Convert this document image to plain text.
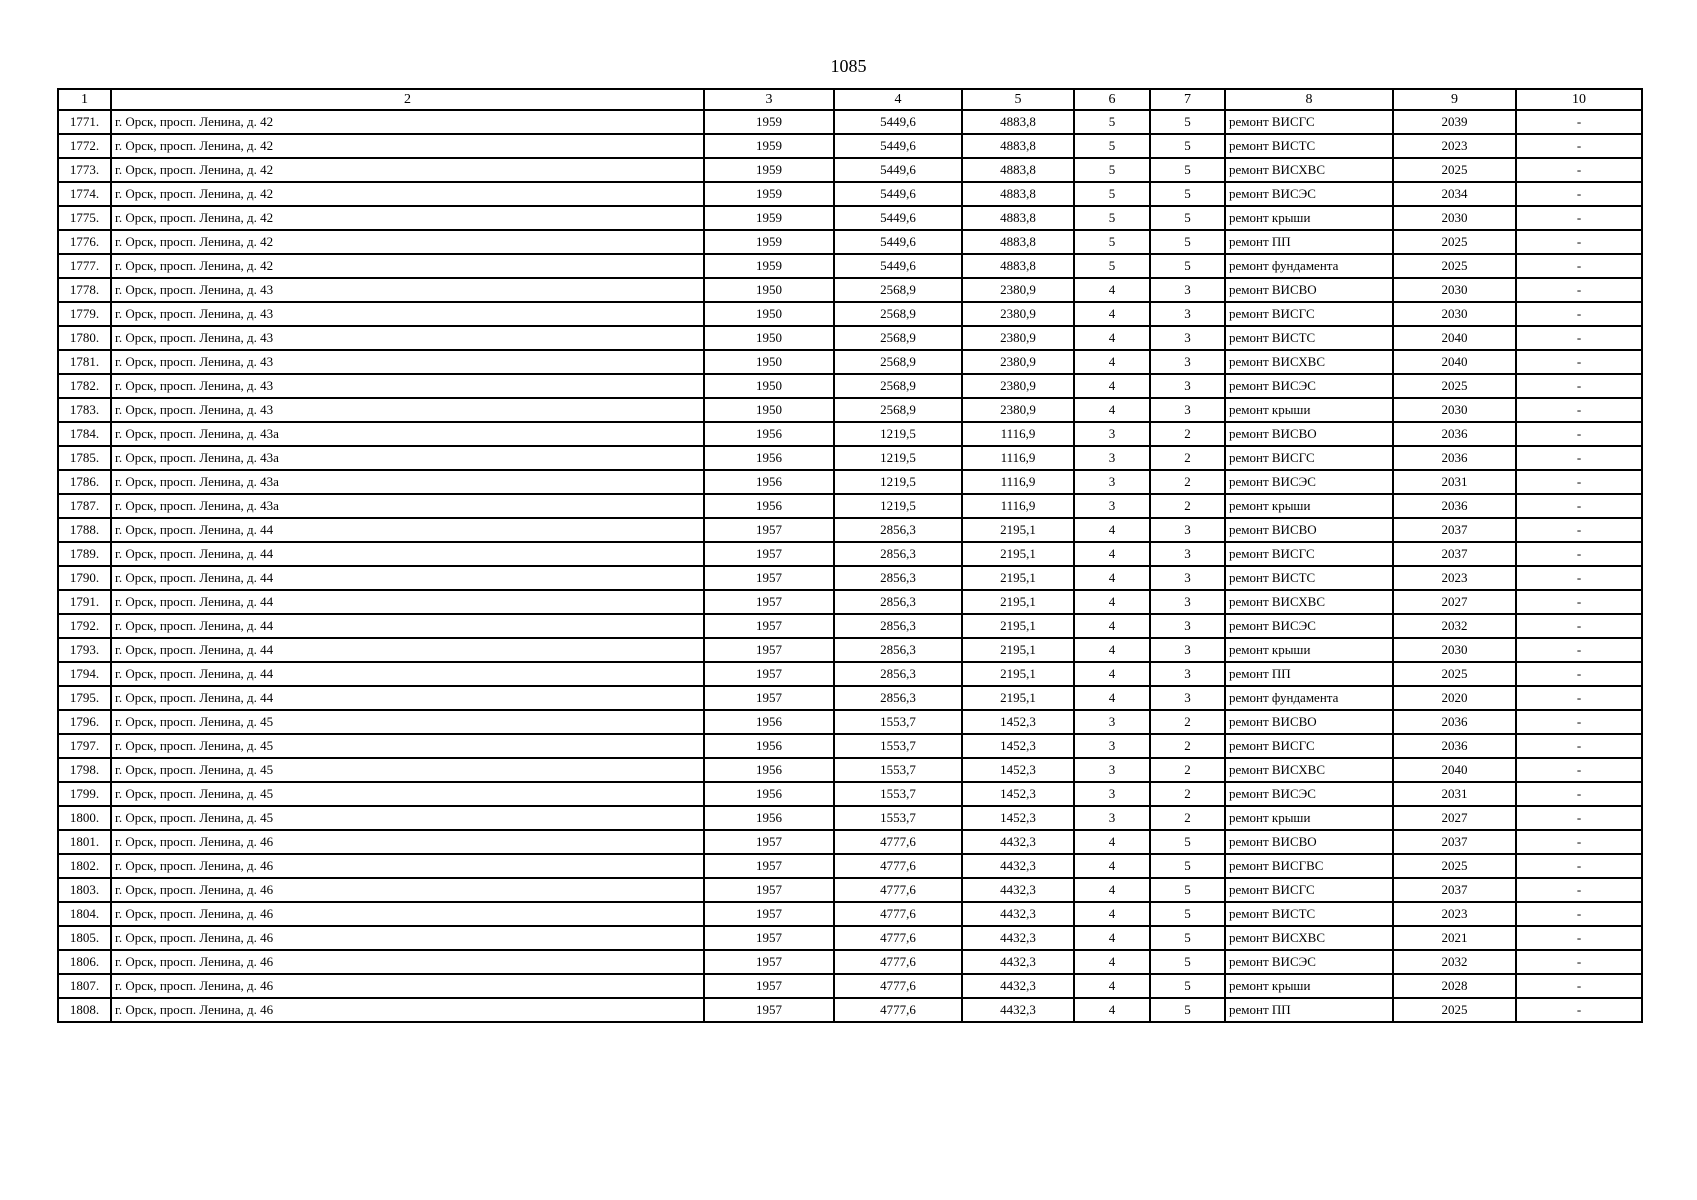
1085
1	2	3	4	5	6	7	8	9	10
1771.	г. Орск, просп. Ленина, д. 42	1959	5449,6	4883,8	5	5	ремонт ВИСГС	2039	-
1772.	г. Орск, просп. Ленина, д. 42	1959	5449,6	4883,8	5	5	ремонт ВИСТС	2023	-
1773.	г. Орск, просп. Ленина, д. 42	1959	5449,6	4883,8	5	5	ремонт ВИСХВС	2025	-
1774.	г. Орск, просп. Ленина, д. 42	1959	5449,6	4883,8	5	5	ремонт ВИСЭС	2034	-
1775.	г. Орск, просп. Ленина, д. 42	1959	5449,6	4883,8	5	5	ремонт крыши	2030	-
1776.	г. Орск, просп. Ленина, д. 42	1959	5449,6	4883,8	5	5	ремонт ПП	2025	-
1777.	г. Орск, просп. Ленина, д. 42	1959	5449,6	4883,8	5	5	ремонт фундамента	2025	-
1778.	г. Орск, просп. Ленина, д. 43	1950	2568,9	2380,9	4	3	ремонт ВИСВО	2030	-
1779.	г. Орск, просп. Ленина, д. 43	1950	2568,9	2380,9	4	3	ремонт ВИСГС	2030	-
1780.	г. Орск, просп. Ленина, д. 43	1950	2568,9	2380,9	4	3	ремонт ВИСТС	2040	-
1781.	г. Орск, просп. Ленина, д. 43	1950	2568,9	2380,9	4	3	ремонт ВИСХВС	2040	-
1782.	г. Орск, просп. Ленина, д. 43	1950	2568,9	2380,9	4	3	ремонт ВИСЭС	2025	-
1783.	г. Орск, просп. Ленина, д. 43	1950	2568,9	2380,9	4	3	ремонт крыши	2030	-
1784.	г. Орск, просп. Ленина, д. 43а	1956	1219,5	1116,9	3	2	ремонт ВИСВО	2036	-
1785.	г. Орск, просп. Ленина, д. 43а	1956	1219,5	1116,9	3	2	ремонт ВИСГС	2036	-
1786.	г. Орск, просп. Ленина, д. 43а	1956	1219,5	1116,9	3	2	ремонт ВИСЭС	2031	-
1787.	г. Орск, просп. Ленина, д. 43а	1956	1219,5	1116,9	3	2	ремонт крыши	2036	-
1788.	г. Орск, просп. Ленина, д. 44	1957	2856,3	2195,1	4	3	ремонт ВИСВО	2037	-
1789.	г. Орск, просп. Ленина, д. 44	1957	2856,3	2195,1	4	3	ремонт ВИСГС	2037	-
1790.	г. Орск, просп. Ленина, д. 44	1957	2856,3	2195,1	4	3	ремонт ВИСТС	2023	-
1791.	г. Орск, просп. Ленина, д. 44	1957	2856,3	2195,1	4	3	ремонт ВИСХВС	2027	-
1792.	г. Орск, просп. Ленина, д. 44	1957	2856,3	2195,1	4	3	ремонт ВИСЭС	2032	-
1793.	г. Орск, просп. Ленина, д. 44	1957	2856,3	2195,1	4	3	ремонт крыши	2030	-
1794.	г. Орск, просп. Ленина, д. 44	1957	2856,3	2195,1	4	3	ремонт ПП	2025	-
1795.	г. Орск, просп. Ленина, д. 44	1957	2856,3	2195,1	4	3	ремонт фундамента	2020	-
1796.	г. Орск, просп. Ленина, д. 45	1956	1553,7	1452,3	3	2	ремонт ВИСВО	2036	-
1797.	г. Орск, просп. Ленина, д. 45	1956	1553,7	1452,3	3	2	ремонт ВИСГС	2036	-
1798.	г. Орск, просп. Ленина, д. 45	1956	1553,7	1452,3	3	2	ремонт ВИСХВС	2040	-
1799.	г. Орск, просп. Ленина, д. 45	1956	1553,7	1452,3	3	2	ремонт ВИСЭС	2031	-
1800.	г. Орск, просп. Ленина, д. 45	1956	1553,7	1452,3	3	2	ремонт крыши	2027	-
1801.	г. Орск, просп. Ленина, д. 46	1957	4777,6	4432,3	4	5	ремонт ВИСВО	2037	-
1802.	г. Орск, просп. Ленина, д. 46	1957	4777,6	4432,3	4	5	ремонт ВИСГВС	2025	-
1803.	г. Орск, просп. Ленина, д. 46	1957	4777,6	4432,3	4	5	ремонт ВИСГС	2037	-
1804.	г. Орск, просп. Ленина, д. 46	1957	4777,6	4432,3	4	5	ремонт ВИСТС	2023	-
1805.	г. Орск, просп. Ленина, д. 46	1957	4777,6	4432,3	4	5	ремонт ВИСХВС	2021	-
1806.	г. Орск, просп. Ленина, д. 46	1957	4777,6	4432,3	4	5	ремонт ВИСЭС	2032	-
1807.	г. Орск, просп. Ленина, д. 46	1957	4777,6	4432,3	4	5	ремонт крыши	2028	-
1808.	г. Орск, просп. Ленина, д. 46	1957	4777,6	4432,3	4	5	ремонт ПП	2025	-
